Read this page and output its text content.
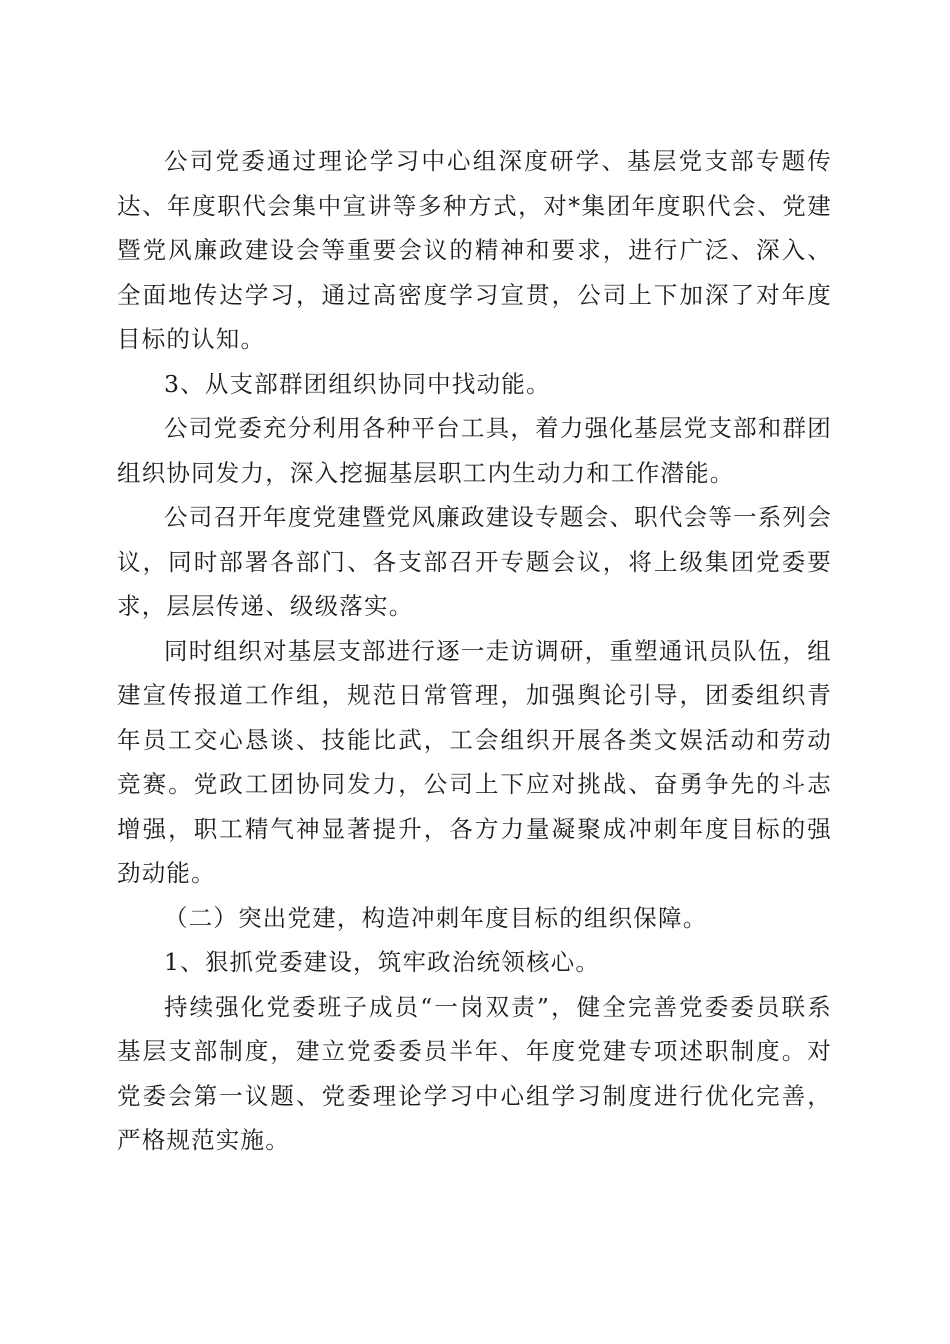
公司党委通过理论学习中心组深度研学、基层党支部专题传达、年度职代会集中宣讲等多种方式，对*集团年度职代会、党建暨党风廉政建设会等重要会议的精神和要求，进行广泛、深入、全面地传达学习，通过高密度学习宣贯，公司上下加深了对年度目标的认知。

3、从支部群团组织协同中找动能。

公司党委充分利用各种平台工具，着力强化基层党支部和群团组织协同发力，深入挖掘基层职工内生动力和工作潜能。

公司召开年度党建暨党风廉政建设专题会、职代会等一系列会议，同时部署各部门、各支部召开专题会议，将上级集团党委要求，层层传递、级级落实。

同时组织对基层支部进行逐一走访调研，重塑通讯员队伍，组建宣传报道工作组，规范日常管理，加强舆论引导，团委组织青年员工交心恳谈、技能比武，工会组织开展各类文娱活动和劳动竞赛。党政工团协同发力，公司上下应对挑战、奋勇争先的斗志增强，职工精气神显著提升，各方力量凝聚成冲刺年度目标的强劲动能。

（二）突出党建，构造冲刺年度目标的组织保障。

1、狠抓党委建设，筑牢政治统领核心。

持续强化党委班子成员“一岗双责”，健全完善党委委员联系基层支部制度，建立党委委员半年、年度党建专项述职制度。对党委会第一议题、党委理论学习中心组学习制度进行优化完善，严格规范实施。
